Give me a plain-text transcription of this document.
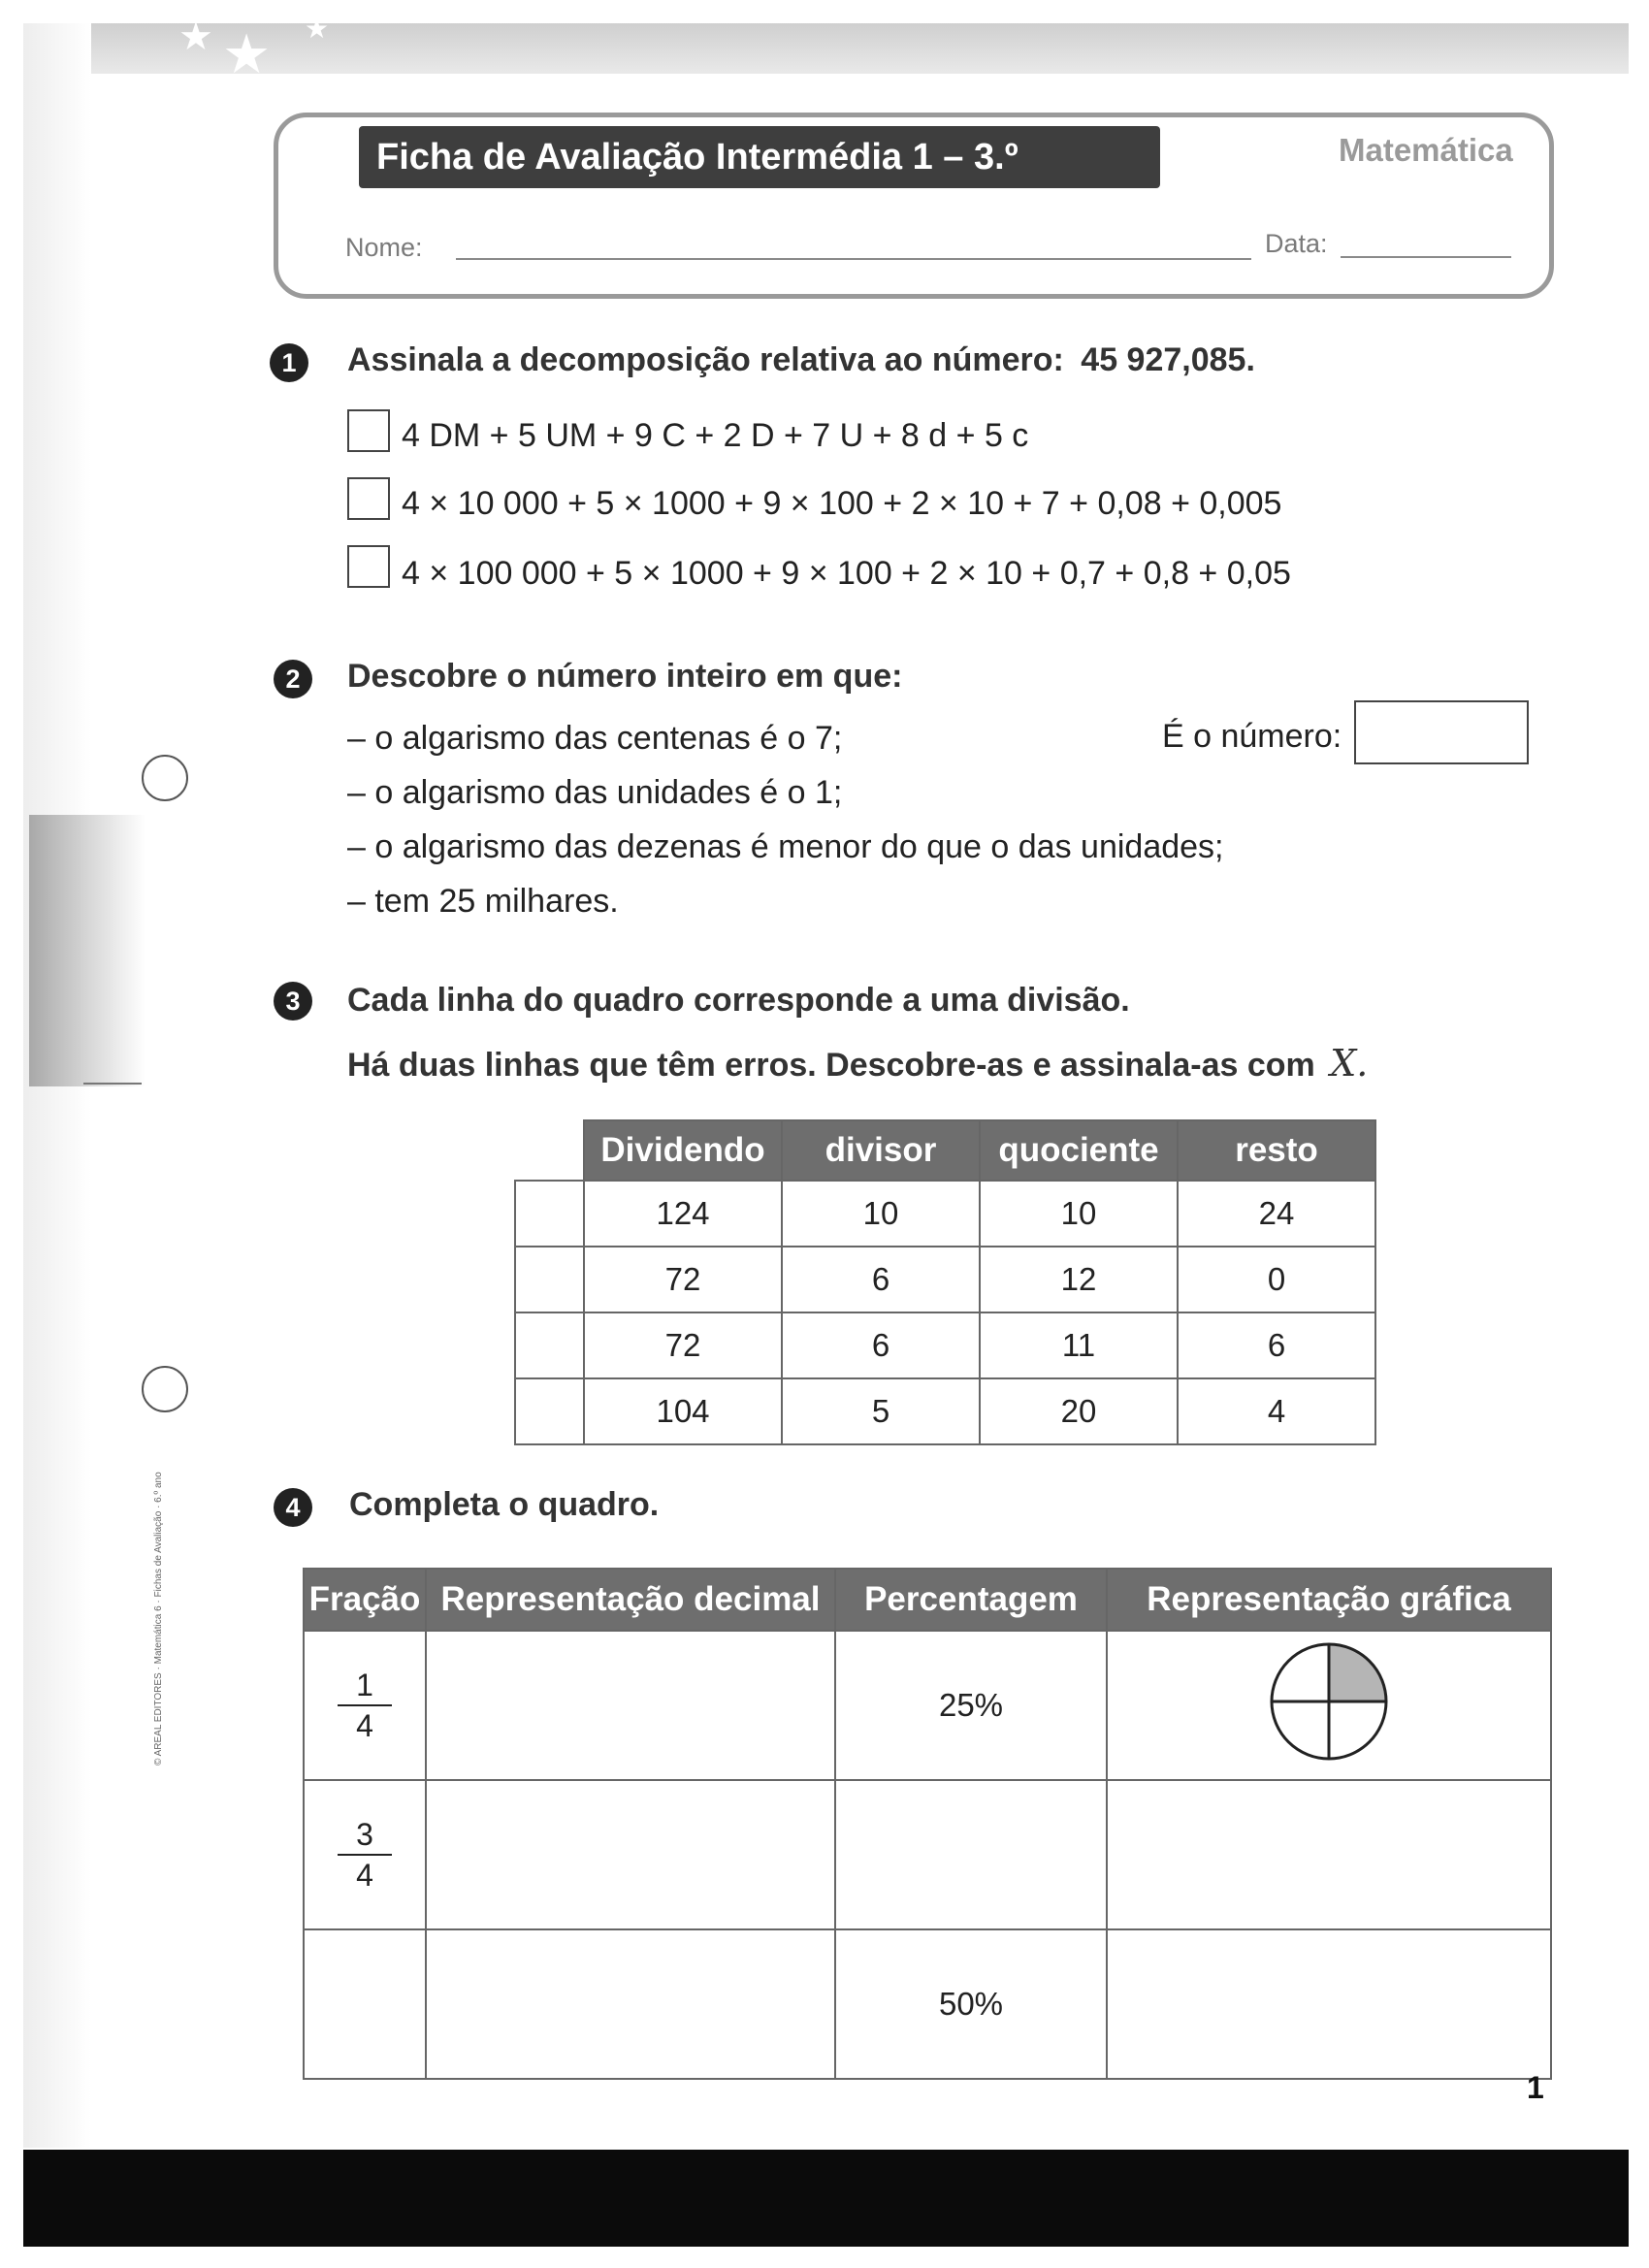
★ ★ ★
Ficha de Avaliação Intermédia 1 – 3.º Período
Matemática
Nome:	Data:
1	Assinala a decomposição relativa ao número: 45 927,085.
4 DM + 5 UM + 9 C + 2 D + 7 U + 8 d + 5 c
4 × 10 000 + 5 × 1000 + 9 × 100 + 2 × 10 + 7 + 0,08 + 0,005
4 × 100 000 + 5 × 1000 + 9 × 100 + 2 × 10 + 0,7 + 0,8 + 0,05
2	Descobre o número inteiro em que:
– o algarismo das centenas é o 7;
– o algarismo das unidades é o 1;
– o algarismo das dezenas é menor do que o das unidades;
– tem 25 milhares.
É o número:
3	Cada linha do quadro corresponde a uma divisão.
Há duas linhas que têm erros. Descobre-as e assinala-as com X.
	Dividendo	divisor	quociente	resto
	124	10	10	24
	72	6	12	0
	72	6	11	6
	104	5	20	4
4	Completa o quadro.
Fração	Representação decimal	Percentagem	Representação gráfica

$\frac{1}{4}$		25%	

$\frac{3}{4}$

		50%	
1
© AREAL EDITORES · Matemática 6 · Fichas de Avaliação · 6.º ano
